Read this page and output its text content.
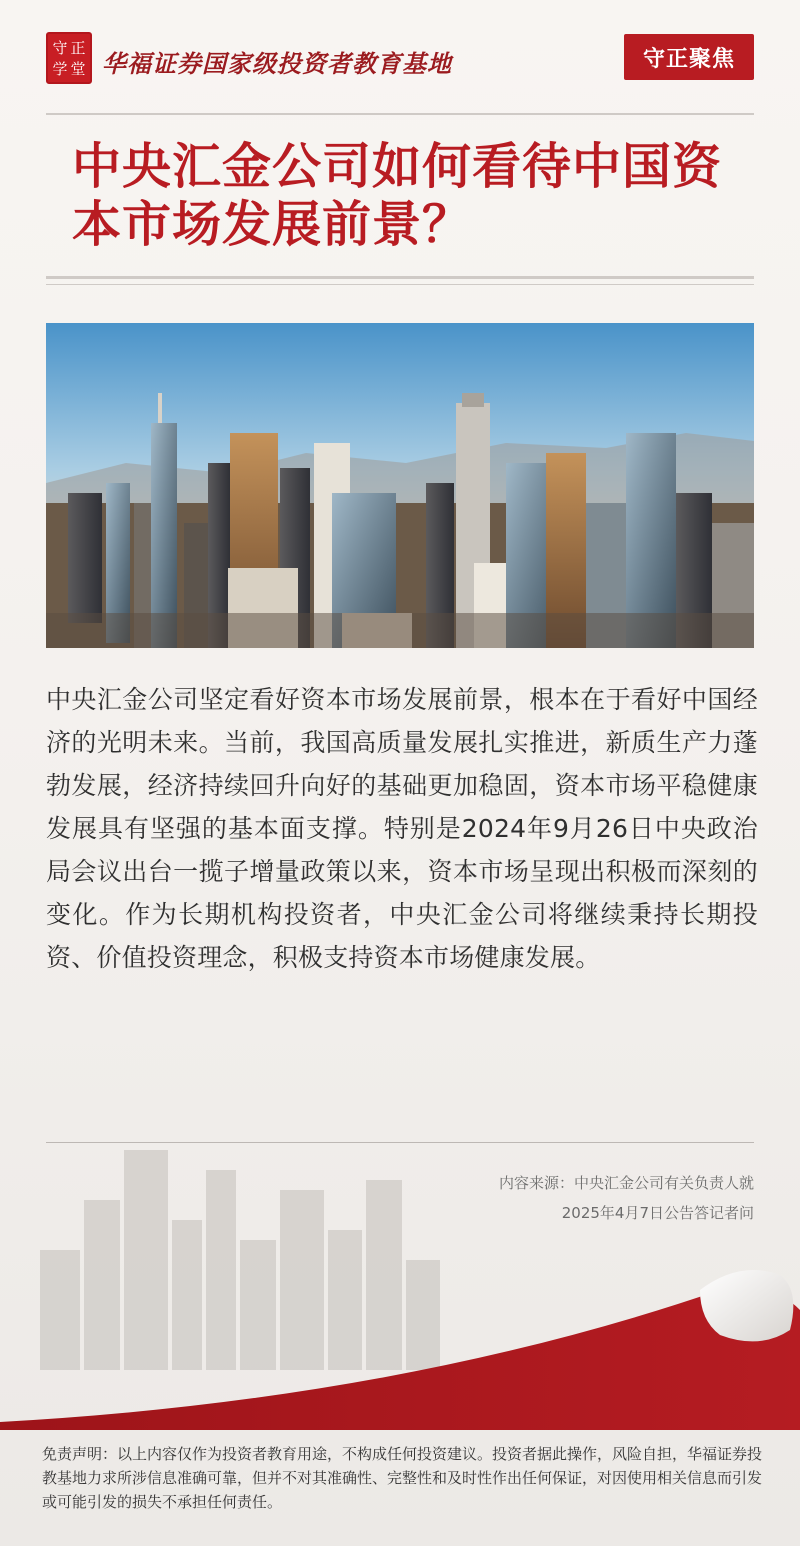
守 正
学 堂 华福证券国家级投资者教育基地	守正聚焦
中央汇金公司如何看待中国资本市场发展前景？

中央汇金公司坚定看好资本市场发展前景，根本在于看好中国经济的光明未来。当前，我国高质量发展扎实推进，新质生产力蓬勃发展，经济持续回升向好的基础更加稳固，资本市场平稳健康发展具有坚强的基本面支撑。特别是2024年9月26日中央政治局会议出台一揽子增量政策以来，资本市场呈现出积极而深刻的变化。作为长期机构投资者，中央汇金公司将继续秉持长期投资、价值投资理念，积极支持资本市场健康发展。

内容来源：中央汇金公司有关负责人就
2025年4月7日公告答记者问

免责声明：以上内容仅作为投资者教育用途，不构成任何投资建议。投资者据此操作，风险自担，华福证券投教基地力求所涉信息准确可靠，但并不对其准确性、完整性和及时性作出任何保证，对因使用相关信息而引发或可能引发的损失不承担任何责任。
